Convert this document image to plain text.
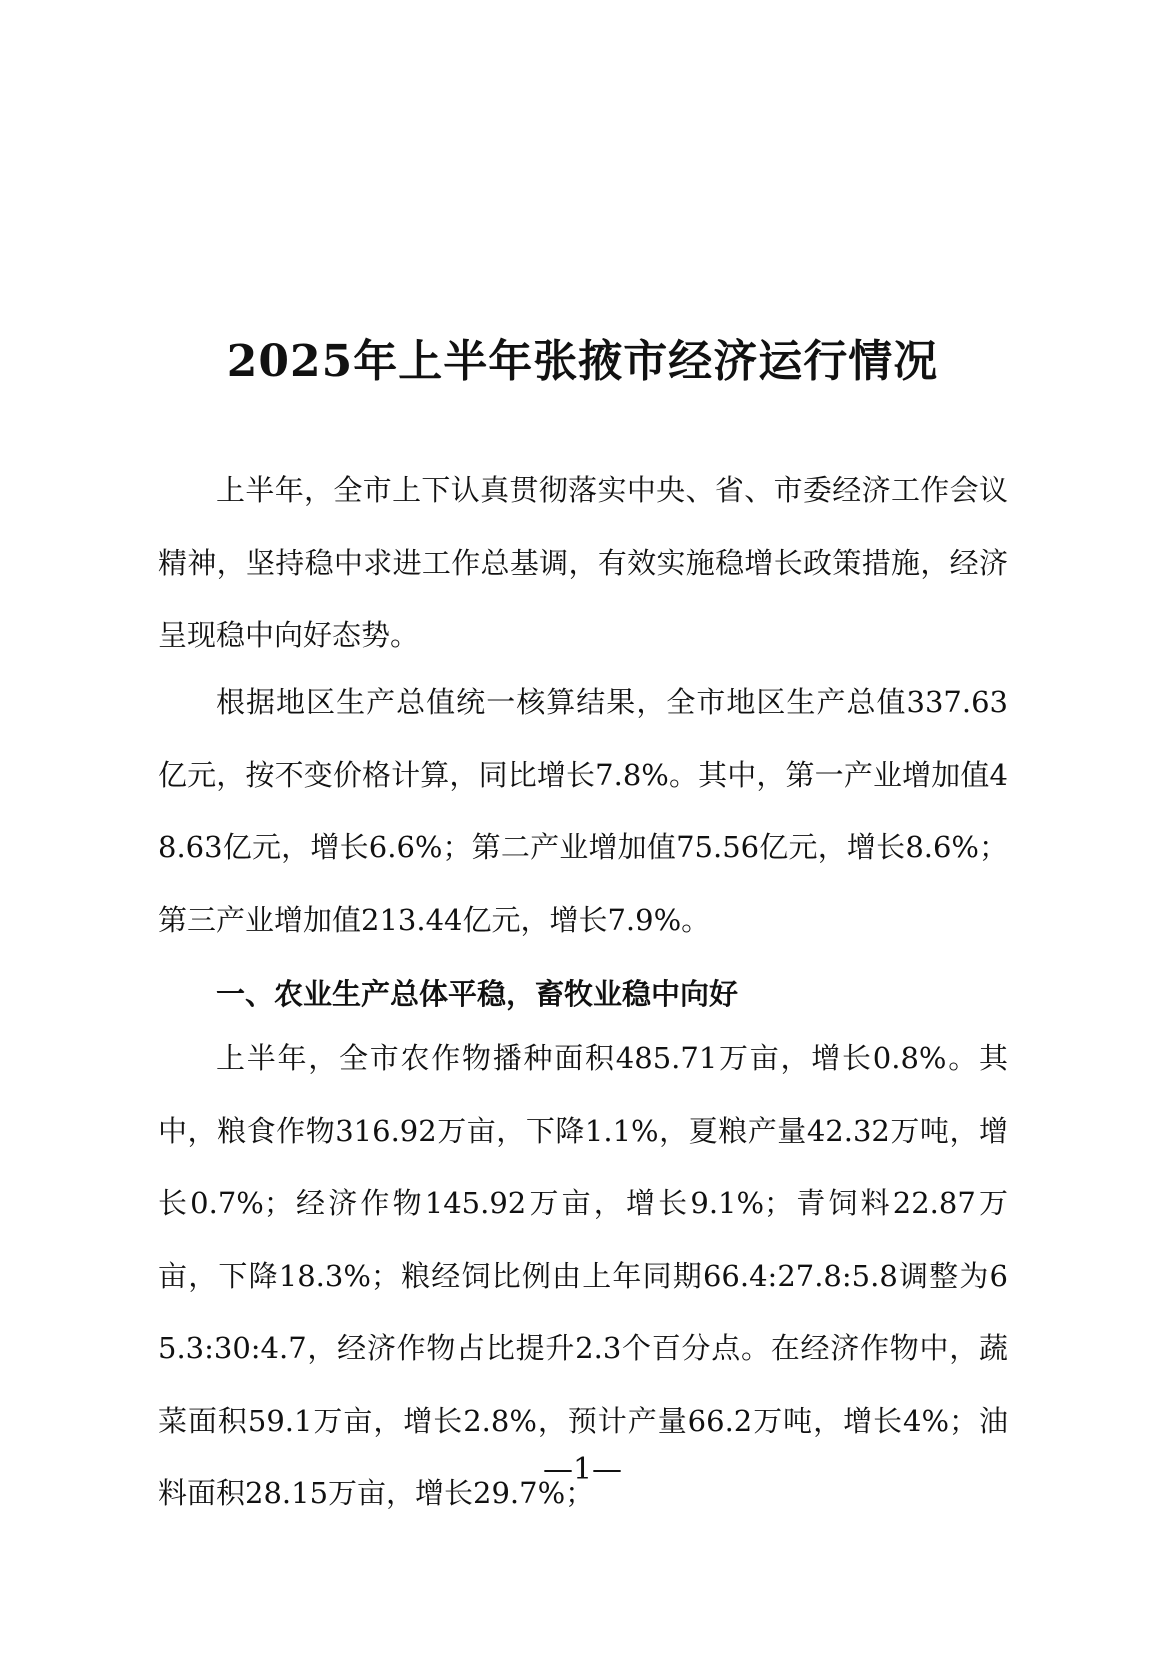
2025年上半年张掖市经济运行情况

上半年，全市上下认真贯彻落实中央、省、市委经济工作会议精神，坚持稳中求进工作总基调，有效实施稳增长政策措施，经济呈现稳中向好态势。

根据地区生产总值统一核算结果，全市地区生产总值337.63亿元，按不变价格计算，同比增长7.8%。其中，第一产业增加值48.63亿元，增长6.6%；第二产业增加值75.56亿元，增长8.6%；第三产业增加值213.44亿元，增长7.9%。

一、农业生产总体平稳，畜牧业稳中向好

上半年，全市农作物播种面积485.71万亩，增长0.8%。其中，粮食作物316.92万亩，下降1.1%，夏粮产量42.32万吨，增长0.7%；经济作物145.92万亩，增长9.1%；青饲料22.87万亩，下降18.3%；粮经饲比例由上年同期66.4:27.8:5.8调整为65.3:30:4.7，经济作物占比提升2.3个百分点。在经济作物中，蔬菜面积59.1万亩，增长2.8%，预计产量66.2万吨，增长4%；油料面积28.15万亩，增长29.7%；

—1—
